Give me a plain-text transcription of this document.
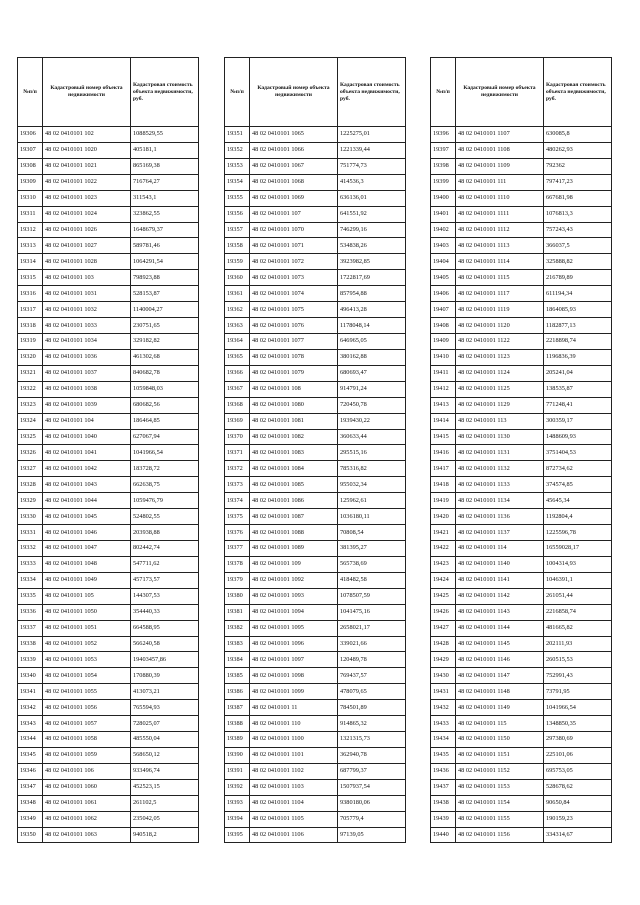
№п/п	Кадастровый номер объекта недвижимости	Кадастровая стоимость объекта недвижимости, руб.
19306	48 02 0410101 102	1088529,55
19307	48 02 0410101 1020	405181,1
19308	48 02 0410101 1021	865169,38
19309	48 02 0410101 1022	716764,27
19310	48 02 0410101 1023	311543,1
19311	48 02 0410101 1024	323862,55
19312	48 02 0410101 1026	1648679,37
19313	48 02 0410101 1027	589781,46
19314	48 02 0410101 1028	1064291,54
19315	48 02 0410101 103	798923,88
19316	48 02 0410101 1031	528153,87
19317	48 02 0410101 1032	1140004,27
19318	48 02 0410101 1033	230751,65
19319	48 02 0410101 1034	329182,82
19320	48 02 0410101 1036	461302,68
19321	48 02 0410101 1037	840682,78
19322	48 02 0410101 1038	1059848,03
19323	48 02 0410101 1039	680682,56
19324	48 02 0410101 104	186464,85
19325	48 02 0410101 1040	627067,94
19326	48 02 0410101 1041	1041966,54
19327	48 02 0410101 1042	183728,72
19328	48 02 0410101 1043	662638,75
19329	48 02 0410101 1044	1059476,79
19330	48 02 0410101 1045	524802,55
19331	48 02 0410101 1046	203938,88
19332	48 02 0410101 1047	802442,74
19333	48 02 0410101 1048	547711,62
19334	48 02 0410101 1049	457173,57
19335	48 02 0410101 105	144307,53
19336	48 02 0410101 1050	354440,33
19337	48 02 0410101 1051	664588,95
19338	48 02 0410101 1052	566240,58
19339	48 02 0410101 1053	19403457,86
19340	48 02 0410101 1054	170880,39
19341	48 02 0410101 1055	413073,21
19342	48 02 0410101 1056	765594,93
19343	48 02 0410101 1057	728025,07
19344	48 02 0410101 1058	485550,04
19345	48 02 0410101 1059	568650,12
19346	48 02 0410101 106	933496,74
19347	48 02 0410101 1060	452523,15
19348	48 02 0410101 1061	261102,5
19349	48 02 0410101 1062	235042,05
19350	48 02 0410101 1063	940518,2
№п/п	Кадастровый номер объекта недвижимости	Кадастровая стоимость объекта недвижимости, руб.
19351	48 02 0410101 1065	1225275,01
19352	48 02 0410101 1066	1221339,44
19353	48 02 0410101 1067	751774,73
19354	48 02 0410101 1068	414536,3
19355	48 02 0410101 1069	636136,01
19356	48 02 0410101 107	641551,92
19357	48 02 0410101 1070	746299,16
19358	48 02 0410101 1071	534838,26
19359	48 02 0410101 1072	3923982,85
19360	48 02 0410101 1073	1722817,69
19361	48 02 0410101 1074	857954,88
19362	48 02 0410101 1075	496413,28
19363	48 02 0410101 1076	1178048,14
19364	48 02 0410101 1077	646965,05
19365	48 02 0410101 1078	380162,88
19366	48 02 0410101 1079	680693,47
19367	48 02 0410101 108	914791,24
19368	48 02 0410101 1080	720450,78
19369	48 02 0410101 1081	1939430,22
19370	48 02 0410101 1082	360633,44
19371	48 02 0410101 1083	295515,16
19372	48 02 0410101 1084	785316,82
19373	48 02 0410101 1085	955032,34
19374	48 02 0410101 1086	125962,61
19375	48 02 0410101 1087	1036180,11
19376	48 02 0410101 1088	70808,54
19377	48 02 0410101 1089	381395,27
19378	48 02 0410101 109	565738,69
19379	48 02 0410101 1092	418482,58
19380	48 02 0410101 1093	1078507,59
19381	48 02 0410101 1094	1041475,16
19382	48 02 0410101 1095	2658021,17
19383	48 02 0410101 1096	339021,66
19384	48 02 0410101 1097	120489,78
19385	48 02 0410101 1098	769437,57
19386	48 02 0410101 1099	478079,65
19387	48 02 0410101 11	784501,89
19388	48 02 0410101 110	914865,32
19389	48 02 0410101 1100	1321315,73
19390	48 02 0410101 1101	362940,78
19391	48 02 0410101 1102	687799,37
19392	48 02 0410101 1103	1507937,54
19393	48 02 0410101 1104	9380180,06
19394	48 02 0410101 1105	705779,4
19395	48 02 0410101 1106	97139,05
№п/п	Кадастровый номер объекта недвижимости	Кадастровая стоимость объекта недвижимости, руб.
19396	48 02 0410101 1107	630085,8
19397	48 02 0410101 1108	480262,93
19398	48 02 0410101 1109	792362
19399	48 02 0410101 111	797417,23
19400	48 02 0410101 1110	667681,98
19401	48 02 0410101 1111	1076813,3
19402	48 02 0410101 1112	757243,43
19403	48 02 0410101 1113	366037,5
19404	48 02 0410101 1114	325888,82
19405	48 02 0410101 1115	216789,89
19406	48 02 0410101 1117	611194,34
19407	48 02 0410101 1119	1864085,93
19408	48 02 0410101 1120	1182877,13
19409	48 02 0410101 1122	2218898,74
19410	48 02 0410101 1123	1196836,39
19411	48 02 0410101 1124	205241,04
19412	48 02 0410101 1125	138535,87
19413	48 02 0410101 1129	771248,41
19414	48 02 0410101 113	300359,17
19415	48 02 0410101 1130	1488609,93
19416	48 02 0410101 1131	3751404,53
19417	48 02 0410101 1132	872734,62
19418	48 02 0410101 1133	374574,85
19419	48 02 0410101 1134	45645,34
19420	48 02 0410101 1136	1192804,4
19421	48 02 0410101 1137	1225596,78
19422	48 02 0410101 114	16559028,17
19423	48 02 0410101 1140	1004314,93
19424	48 02 0410101 1141	1046391,1
19425	48 02 0410101 1142	261051,44
19426	48 02 0410101 1143	2216858,74
19427	48 02 0410101 1144	481665,82
19428	48 02 0410101 1145	202111,93
19429	48 02 0410101 1146	260515,53
19430	48 02 0410101 1147	752991,43
19431	48 02 0410101 1148	73791,95
19432	48 02 0410101 1149	1041966,54
19433	48 02 0410101 115	1348850,35
19434	48 02 0410101 1150	297380,69
19435	48 02 0410101 1151	225101,06
19436	48 02 0410101 1152	695753,05
19437	48 02 0410101 1153	528678,62
19438	48 02 0410101 1154	90650,84
19439	48 02 0410101 1155	190159,23
19440	48 02 0410101 1156	334314,67
